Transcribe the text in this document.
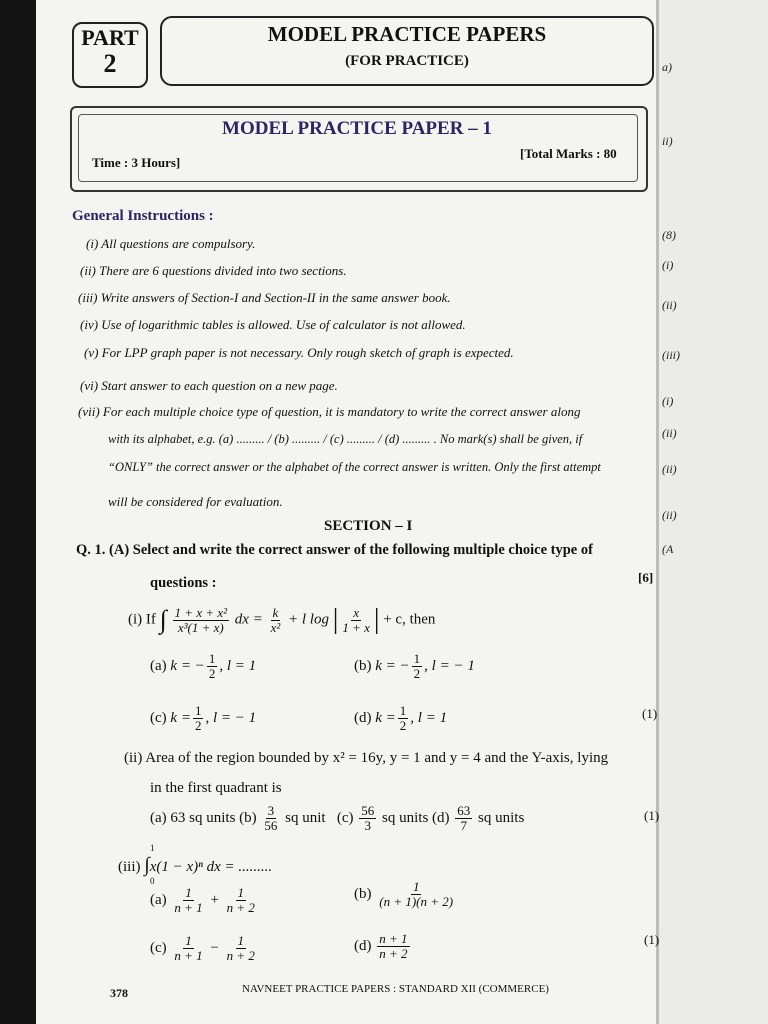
a)
ii)
(8)
(i)
(ii)
(iii)
(i)
(ii)
(ii)
(ii)
(A
PART
2
MODEL PRACTICE PAPERS
(FOR PRACTICE)
MODEL PRACTICE PAPER – 1
Time : 3 Hours]
[Total Marks : 80
General Instructions :
(i) All questions are compulsory.
(ii) There are 6 questions divided into two sections.
(iii) Write answers of Section-I and Section-II in the same answer book.
(iv) Use of logarithmic tables is allowed. Use of calculator is not allowed.
(v) For LPP graph paper is not necessary. Only rough sketch of graph is expected.
(vi) Start answer to each question on a new page.
(vii) For each multiple choice type of question, it is mandatory to write the correct answer along
with its alphabet, e.g. (a) ......... / (b) ......... / (c) ......... / (d) ......... . No mark(s) shall be given, if
“ONLY” the correct answer or the alphabet of the correct answer is written. Only the first attempt
will be considered for evaluation.
SECTION – I
Q. 1. (A) Select and write the correct answer of the following multiple choice type of
questions :	[6]
(i) If ∫ $\frac{\text{1 + x + x²}}{\text{x³(1 + x)}}$ dx = $\frac{k}{\text{x²}} + l$ log | $\frac{x}{1 + x}$ | + c, then
(a) k = − $\frac{1}{2}$ , l = 1	(b) k = − $\frac{1}{2}$ , l = − 1
(c) $k = \frac{1}{2}$ , l = − 1	(d) $k = \frac{1}{2}$ , l = 1	(1)
(ii) Area of the region bounded by x² = 16y, y = 1 and y = 4 and the Y-axis, lying
in the first quadrant is
(a) 63 sq units $(b) \frac{3}{56}$ sq unit $(c) \frac{56}{3}$ sq units $(d) \frac{63}{7}$ sq units	(1)
1
0
(iii) ∫x(1 − x)ⁿ dx = .........
$(a) \frac{1}{n + 1} + \frac{1}{n + 2}$	$(b) \frac{1}{(n + 1)(n + 2)}$
$(c) \frac{1}{n + 1} - \frac{1}{n + 2}$	$(d) \frac{n + 1}{n + 2}$	(1)
378	NAVNEET PRACTICE PAPERS : STANDARD XII (COMMERCE)
